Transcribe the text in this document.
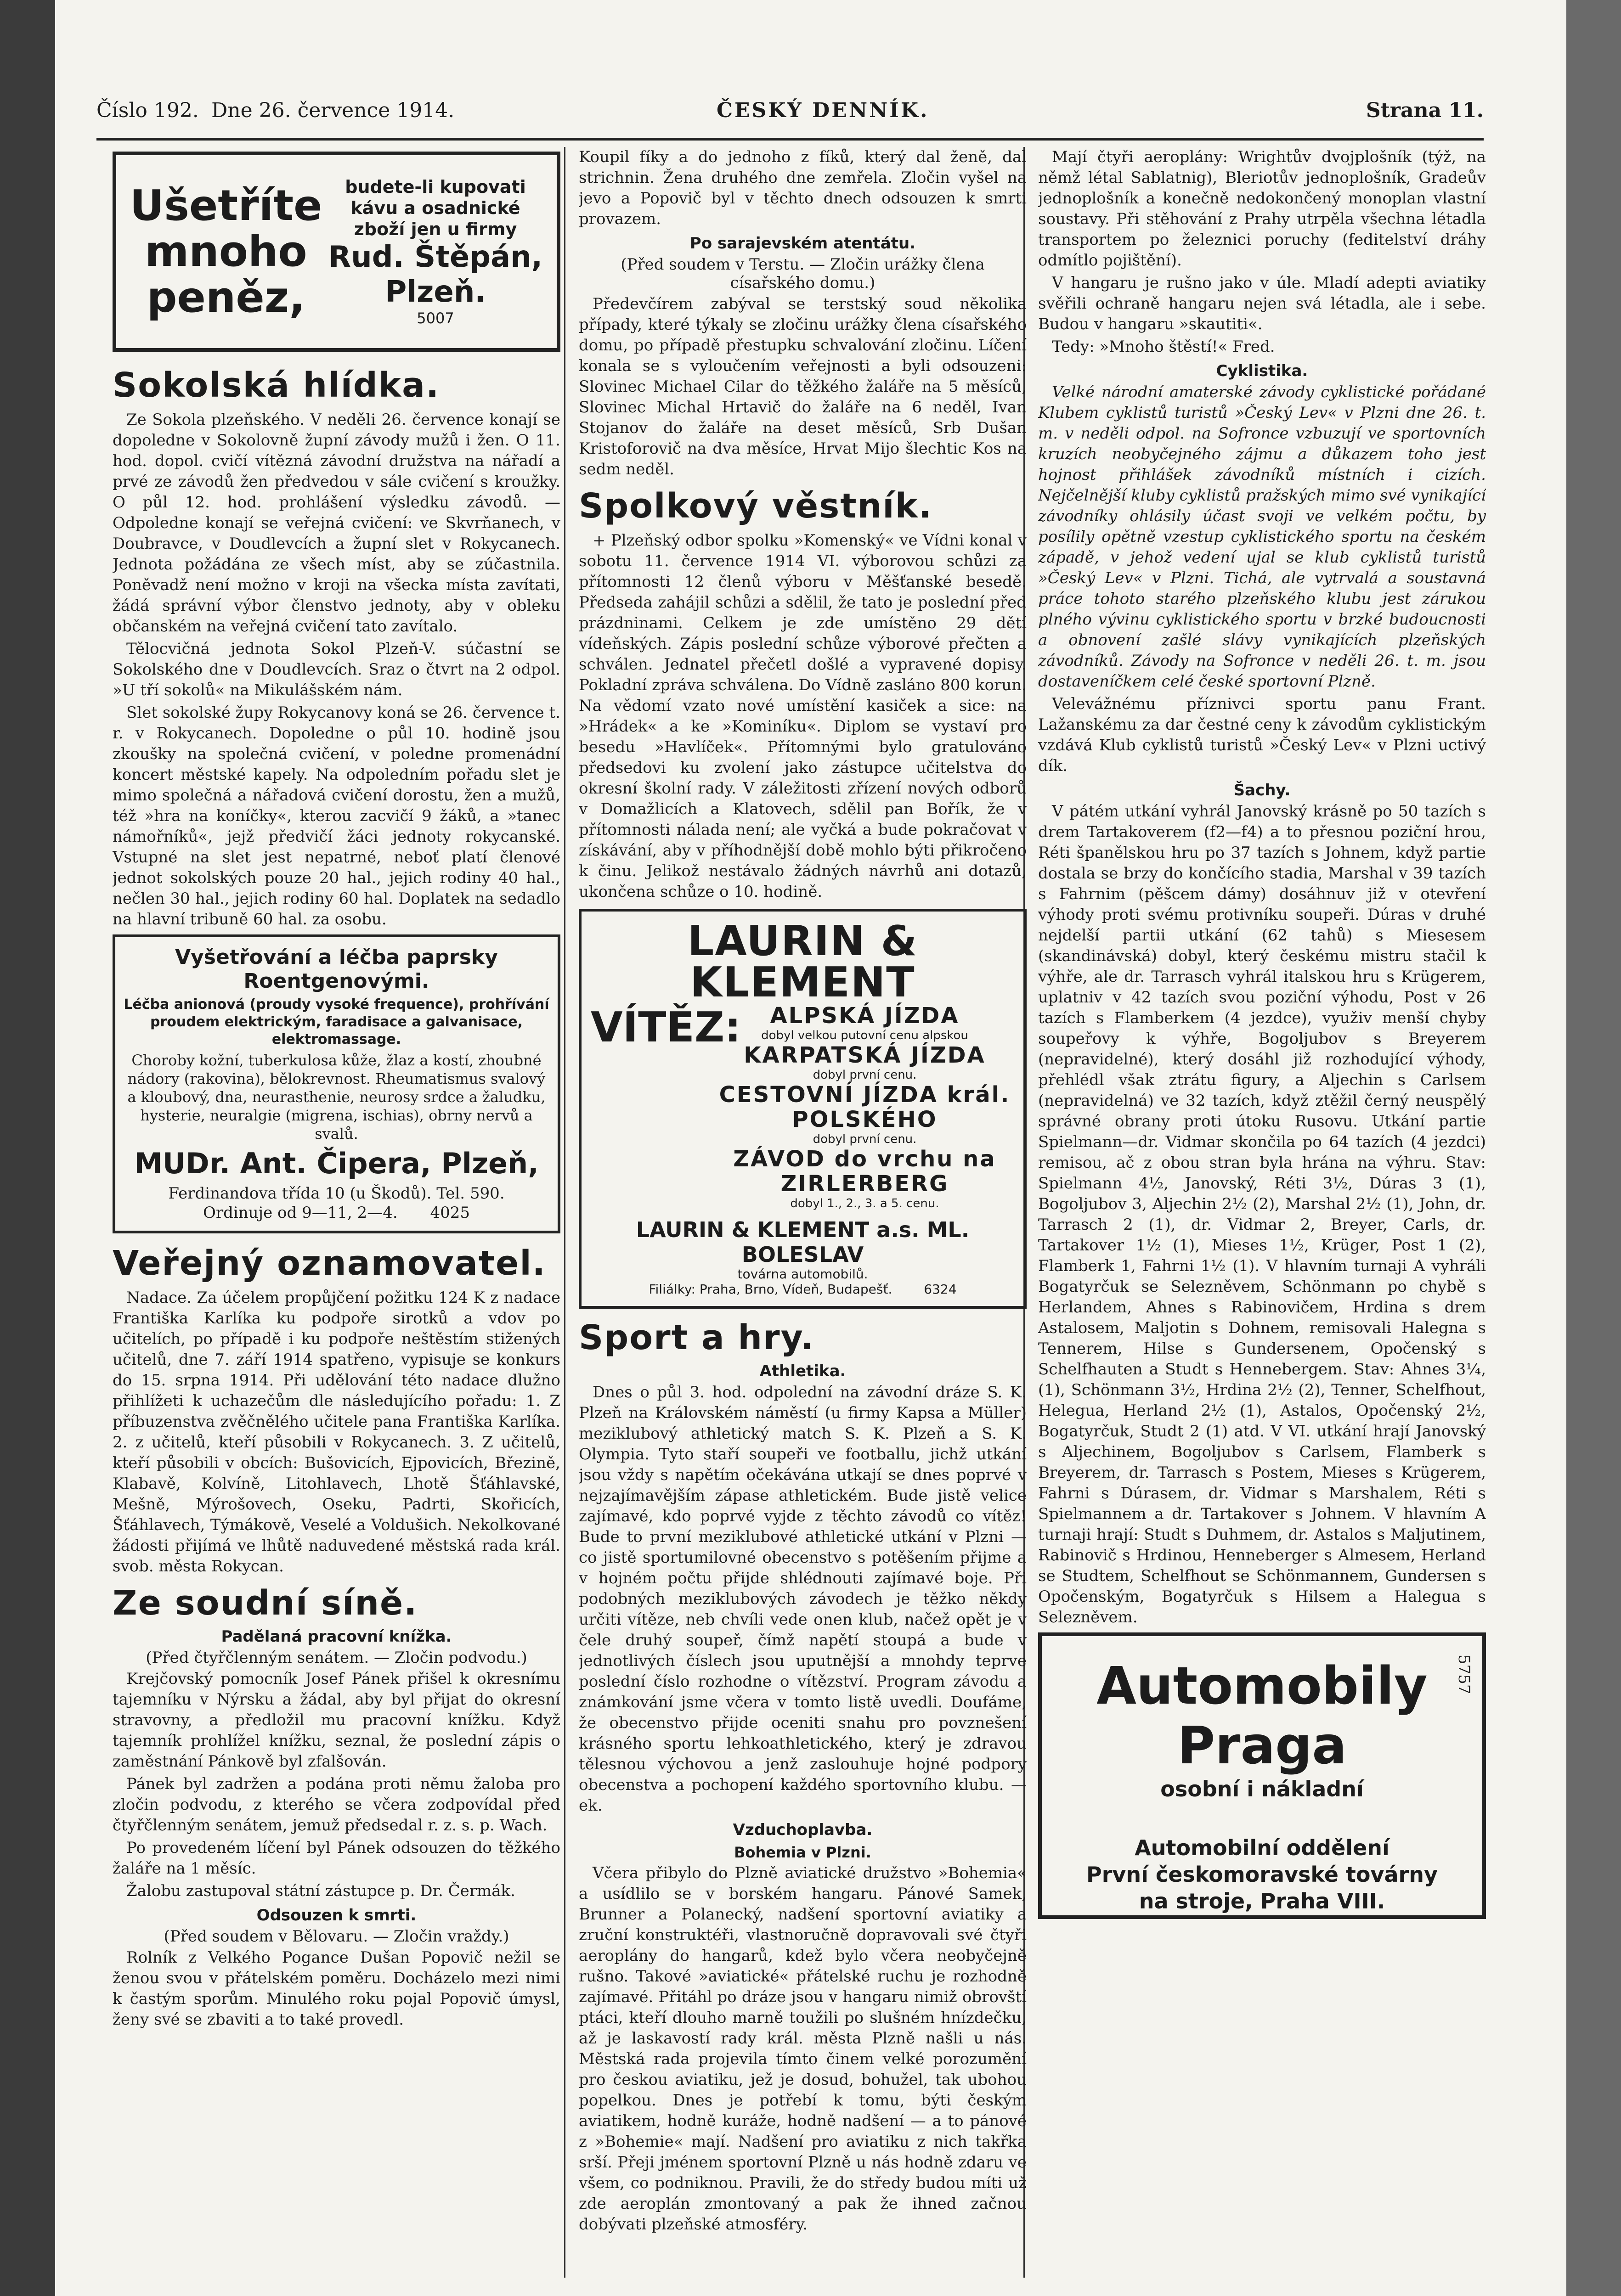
Číslo 192. Dne 26. července 1914.	ČESKÝ DENNÍK.	Strana 11.
Ušetříte mnoho peněz,
budete-li kupovati kávu a osadnické zboží jen u firmy
Rud. Štěpán, Plzeň.
5007
Sokolská hlídka.

Ze Sokola plzeňského. V neděli 26. července konají se dopoledne v Sokolovně župní závody mužů i žen. O 11. hod. dopol. cvičí vítězná závodní družstva na nářadí a prvé ze závodů žen předvedou v sále cvičení s kroužky. O půl 12. hod. prohlášení výsledku závodů. — Odpoledne konají se veřejná cvičení: ve Skvrňanech, v Doubravce, v Doudlevcích a župní slet v Rokycanech. Jednota požádána ze všech míst, aby se zúčastnila. Poněvadž není možno v kroji na všecka místa zavítati, žádá správní výbor členstvo jednoty, aby v obleku občanském na veřejná cvičení tato zavítalo.

Tělocvičná jednota Sokol Plzeň-V. súčastní se Sokolského dne v Doudlevcích. Sraz o čtvrt na 2 odpol. »U tří sokolů« na Mikulášském nám.

Slet sokolské župy Rokycanovy koná se 26. července t. r. v Rokycanech. Dopoledne o půl 10. hodině jsou zkoušky na společná cvičení, v poledne promenádní koncert městské kapely. Na odpoledním pořadu slet je mimo společná a nářadová cvičení dorostu, žen a mužů, též »hra na koníčky«, kterou zacvičí 9 žáků, a »tanec námořníků«, jejž předvičí žáci jednoty rokycanské. Vstupné na slet jest nepatrné, neboť platí členové jednot sokolských pouze 20 hal., jejich rodiny 40 hal., nečlen 30 hal., jejich rodiny 60 hal. Doplatek na sedadlo na hlavní tribuně 60 hal. za osobu.

Vyšetřování a léčba paprsky Roentgenovými.
Léčba anionová (proudy vysoké frequence), prohřívání proudem elektrickým, faradisace a galvanisace, elektromassage.
Choroby kožní, tuberkulosa kůže, žlaz a kostí, zhoubné nádory (rakovina), bělokrevnost. Rheumatismus svalový a kloubový, dna, neurasthenie, neurosy srdce a žaludku, hysterie, neuralgie (migrena, ischias), obrny nervů a svalů.
MUDr. Ant. Čipera, Plzeň,
Ferdinandova třída 10 (u Škodů). Tel. 590.
Ordinuje od 9—11, 2—4. 4025
Veřejný oznamovatel.

Nadace. Za účelem propůjčení požitku 124 K z nadace Františka Karlíka ku podpoře sirotků a vdov po učitelích, po případě i ku podpoře neštěstím stižených učitelů, dne 7. září 1914 spatřeno, vypisuje se konkurs do 15. srpna 1914. Při udělování této nadace dlužno přihlížeti k uchazečům dle následujícího pořadu: 1. Z příbuzenstva zvěčnělého učitele pana Františka Karlíka. 2. z učitelů, kteří působili v Rokycanech. 3. Z učitelů, kteří působili v obcích: Bušovicích, Ejpovicích, Březině, Klabavě, Kolvíně, Litohlavech, Lhotě Šťáhlavské, Mešně, Mýrošovech, Oseku, Padrti, Skořicích, Šťáhlavech, Týmákově, Veselé a Voldušich. Nekolkované žádosti přijímá ve lhůtě naduvedené městská rada král. svob. města Rokycan.

Ze soudní síně.
Padělaná pracovní knížka.
(Před čtyřčlenným senátem. — Zločin podvodu.)

Krejčovský pomocník Josef Pánek přišel k okresnímu tajemníku v Nýrsku a žádal, aby byl přijat do okresní stravovny, a předložil mu pracovní knížku. Když tajemník prohlížel knížku, seznal, že poslední zápis o zaměstnání Pánkově byl zfalšován.

Pánek byl zadržen a podána proti němu žaloba pro zločin podvodu, z kterého se včera zodpovídal před čtyřčlenným senátem, jemuž předsedal r. z. s. p. Wach.

Po provedeném líčení byl Pánek odsouzen do těžkého žaláře na 1 měsíc.

Žalobu zastupoval státní zástupce p. Dr. Čermák.

Odsouzen k smrti.
(Před soudem v Bělovaru. — Zločin vraždy.)

Rolník z Velkého Pogance Dušan Popovič nežil se ženou svou v přátelském poměru. Docházelo mezi nimi k častým sporům. Minulého roku pojal Popovič úmysl, ženy své se zbaviti a to také provedl.

Koupil fíky a do jednoho z fíků, který dal ženě, dal strichnin. Žena druhého dne zemřela. Zločin vyšel na jevo a Popovič byl v těchto dnech odsouzen k smrti provazem.

Po sarajevském atentátu.
(Před soudem v Terstu. — Zločin urážky člena císařského domu.)

Předevčírem zabýval se terstský soud několika případy, které týkaly se zločinu urážky člena císařského domu, po případě přestupku schvalování zločinu. Líčení konala se s vyloučením veřejnosti a byli odsouzeni: Slovinec Michael Cilar do těžkého žaláře na 5 měsíců, Slovinec Michal Hrtavič do žaláře na 6 neděl, Ivan Stojanov do žaláře na deset měsíců, Srb Dušan Kristoforovič na dva měsíce, Hrvat Mijo šlechtic Kos na sedm neděl.

Spolkový věstník.

+ Plzeňský odbor spolku »Komenský« ve Vídni konal v sobotu 11. července 1914 VI. výborovou schůzi za přítomnosti 12 členů výboru v Měšťanské besedě. Předseda zahájil schůzi a sdělil, že tato je poslední před prázdninami. Celkem je zde umístěno 29 dětí vídeňských. Zápis poslední schůze výborové přečten a schválen. Jednatel přečetl došlé a vypravené dopisy. Pokladní zpráva schválena. Do Vídně zasláno 800 korun. Na vědomí vzato nové umístění kasiček a sice: na »Hrádek« a ke »Kominíku«. Diplom se vystaví pro besedu »Havlíček«. Přítomnými bylo gratulováno předsedovi ku zvolení jako zástupce učitelstva do okresní školní rady. V záležitosti zřízení nových odborů v Domažlicích a Klatovech, sdělil pan Bořík, že v přítomnosti nálada není; ale vyčká a bude pokračovat v získávání, aby v příhodnější době mohlo býti přikročeno k činu. Jelikož nestávalo žádných návrhů ani dotazů, ukončena schůze o 10. hodině.

LAURIN & KLEMENT
VÍTĚZ:	ALPSKÁ JÍZDA
dobyl velkou putovní cenu alpskou
KARPATSKÁ JÍZDA
dobyl první cenu.
CESTOVNÍ JÍZDA král. POLSKÉHO
dobyl první cenu.
ZÁVOD do vrchu na ZIRLERBERG
dobyl 1., 2., 3. a 5. cenu.
LAURIN & KLEMENT a.s. ML. BOLESLAV
továrna automobilů.
Filiálky: Praha, Brno, Vídeň, Budapešť. 6324
Sport a hry.
Athletika.

Dnes o půl 3. hod. odpolední na závodní dráze S. K. Plzeň na Královském náměstí (u firmy Kapsa a Müller) meziklubový athletický match S. K. Plzeň a S. K. Olympia. Tyto staří soupeři ve footballu, jichž utkání jsou vždy s napětím očekávána utkají se dnes poprvé v nejzajímavějším zápase athletickém. Bude jistě velice zajímavé, kdo poprvé vyjde z těchto závodů co vítěz! Bude to první meziklubové athletické utkání v Plzni — co jistě sportumilovné obecenstvo s potěšením přijme a v hojném počtu přijde shlédnouti zajímavé boje. Při podobných meziklubových závodech je těžko někdy určiti vítěze, neb chvíli vede onen klub, načež opět je v čele druhý soupeř, čímž napětí stoupá a bude v jednotlivých číslech jsou uputnější a mnohdy teprve poslední číslo rozhodne o vítězství. Program závodu a známkování jsme včera v tomto listě uvedli. Doufáme, že obecenstvo přijde oceniti snahu pro povznešení krásného sportu lehkoathletického, který je zdravou tělesnou výchovou a jenž zaslouhuje hojné podpory obecenstva a pochopení každého sportovního klubu. —ek.

Vzduchoplavba.
Bohemia v Plzni.

Včera přibylo do Plzně aviatické družstvo »Bohemia« a usídlilo se v borském hangaru. Pánové Samek, Brunner a Polanecký, nadšení sportovní aviatiky a zruční konstruktéři, vlastnoručně dopravovali své čtyři aeroplány do hangarů, kdež bylo včera neobyčejně rušno. Takové »aviatické« přátelské ruchu je rozhodně zajímavé. Přitáhl po dráze jsou v hangaru nimiž obrovští ptáci, kteří dlouho marně toužili po slušném hnízdečku, až je laskavostí rady král. města Plzně našli u nás. Městská rada projevila tímto činem velké porozumění pro českou aviatiku, jež je dosud, bohužel, tak ubohou popelkou. Dnes je potřebí k tomu, býti českým aviatikem, hodně kuráže, hodně nadšení — a to pánové z »Bohemie« mají. Nadšení pro aviatiku z nich takřka srší. Přeji jménem sportovní Plzně u nás hodně zdaru ve všem, co podniknou. Pravili, že do středy budou míti už zde aeroplán zmontovaný a pak že ihned začnou dobývati plzeňské atmosféry.

Mají čtyři aeroplány: Wrightův dvojplošník (týž, na němž létal Sablatnig), Bleriotův jednoplošník, Gradeův jednoplošník a konečně nedokončený monoplan vlastní soustavy. Při stěhování z Prahy utrpěla všechna létadla transportem po železnici poruchy (feditelství dráhy odmítlo pojištění).

V hangaru je rušno jako v úle. Mladí adepti aviatiky svěřili ochraně hangaru nejen svá létadla, ale i sebe. Budou v hangaru »skautiti«.

Tedy: »Mnoho štěstí!« Fred.

Cyklistika.

Velké národní amaterské závody cyklistické pořádané Klubem cyklistů turistů »Český Lev« v Plzni dne 26. t. m. v neděli odpol. na Sofronce vzbuzují ve sportovních kruzích neobyčejného zájmu a důkazem toho jest hojnost přihlášek závodníků místních i cizích. Nejčelnější kluby cyklistů pražských mimo své vynikající závodníky ohlásily účast svoji ve velkém počtu, by posílily opětně vzestup cyklistického sportu na českém západě, v jehož vedení ujal se klub cyklistů turistů »Český Lev« v Plzni. Tichá, ale vytrvalá a soustavná práce tohoto starého plzeňského klubu jest zárukou plného vývinu cyklistického sportu v brzké budoucnosti a obnovení zašlé slávy vynikajících plzeňských závodníků. Závody na Sofronce v neděli 26. t. m. jsou dostaveníčkem celé české sportovní Plzně.

Velevážnému příznivci sportu panu Frant. Lažanskému za dar čestné ceny k závodům cyklistickým vzdává Klub cyklistů turistů »Český Lev« v Plzni uctivý dík.

Šachy.

V pátém utkání vyhrál Janovský krásně po 50 tazích s drem Tartakoverem (f2—f4) a to přesnou poziční hrou, Réti španělskou hru po 37 tazích s Johnem, když partie dostala se brzy do končícího stadia, Marshal v 39 tazích s Fahrnim (pěšcem dámy) dosáhnuv již v otevření výhody proti svému protivníku soupeři. Dúras v druhé nejdelší partii utkání (62 tahů) s Miesesem (skandinávská) dobyl, který českému mistru stačil k výhře, ale dr. Tarrasch vyhrál italskou hru s Krügerem, uplatniv v 42 tazích svou poziční výhodu, Post v 26 tazích s Flamberkem (4 jezdce), využiv menší chyby soupeřovy k výhře, Bogoljubov s Breyerem (nepravidelné), který dosáhl již rozhodující výhody, přehlédl však ztrátu figury, a Aljechin s Carlsem (nepravidelná) ve 32 tazích, když ztěžil černý neuspělý správné obrany proti útoku Rusovu. Utkání partie Spielmann—dr. Vidmar skončila po 64 tazích (4 jezdci) remisou, ač z obou stran byla hrána na výhru. Stav: Spielmann 4½, Janovský, Réti 3½, Dúras 3 (1), Bogoljubov 3, Aljechin 2½ (2), Marshal 2½ (1), John, dr. Tarrasch 2 (1), dr. Vidmar 2, Breyer, Carls, dr. Tartakover 1½ (1), Mieses 1½, Krüger, Post 1 (2), Flamberk 1, Fahrni 1½ (1). V hlavním turnaji A vyhráli Bogatyrčuk se Selezněvem, Schönmann po chybě s Herlandem, Ahnes s Rabinovičem, Hrdina s drem Astalosem, Maljotin s Dohnem, remisovali Halegna s Tennerem, Hilse s Gundersenem, Opočenský s Schelfhauten a Studt s Hennebergem. Stav: Ahnes 3¼, (1), Schönmann 3½, Hrdina 2½ (2), Tenner, Schelfhout, Helegua, Herland 2½ (1), Astalos, Opočenský 2½, Bogatyrčuk, Studt 2 (1) atd. V VI. utkání hrají Janovský s Aljechinem, Bogoljubov s Carlsem, Flamberk s Breyerem, dr. Tarrasch s Postem, Mieses s Krügerem, Fahrni s Dúrasem, dr. Vidmar s Marshalem, Réti s Spielmannem a dr. Tartakover s Johnem. V hlavním A turnaji hrají: Studt s Duhmem, dr. Astalos s Maljutinem, Rabinovič s Hrdinou, Henneberger s Almesem, Herland se Studtem, Schelfhout se Schönmannem, Gundersen s Opočenským, Bogatyrčuk s Hilsem a Halegua s Selezněvem.

5757
Automobily Praga
osobní i nákladní
Automobilní oddělení
První českomoravské továrny
na stroje, Praha VIII.
